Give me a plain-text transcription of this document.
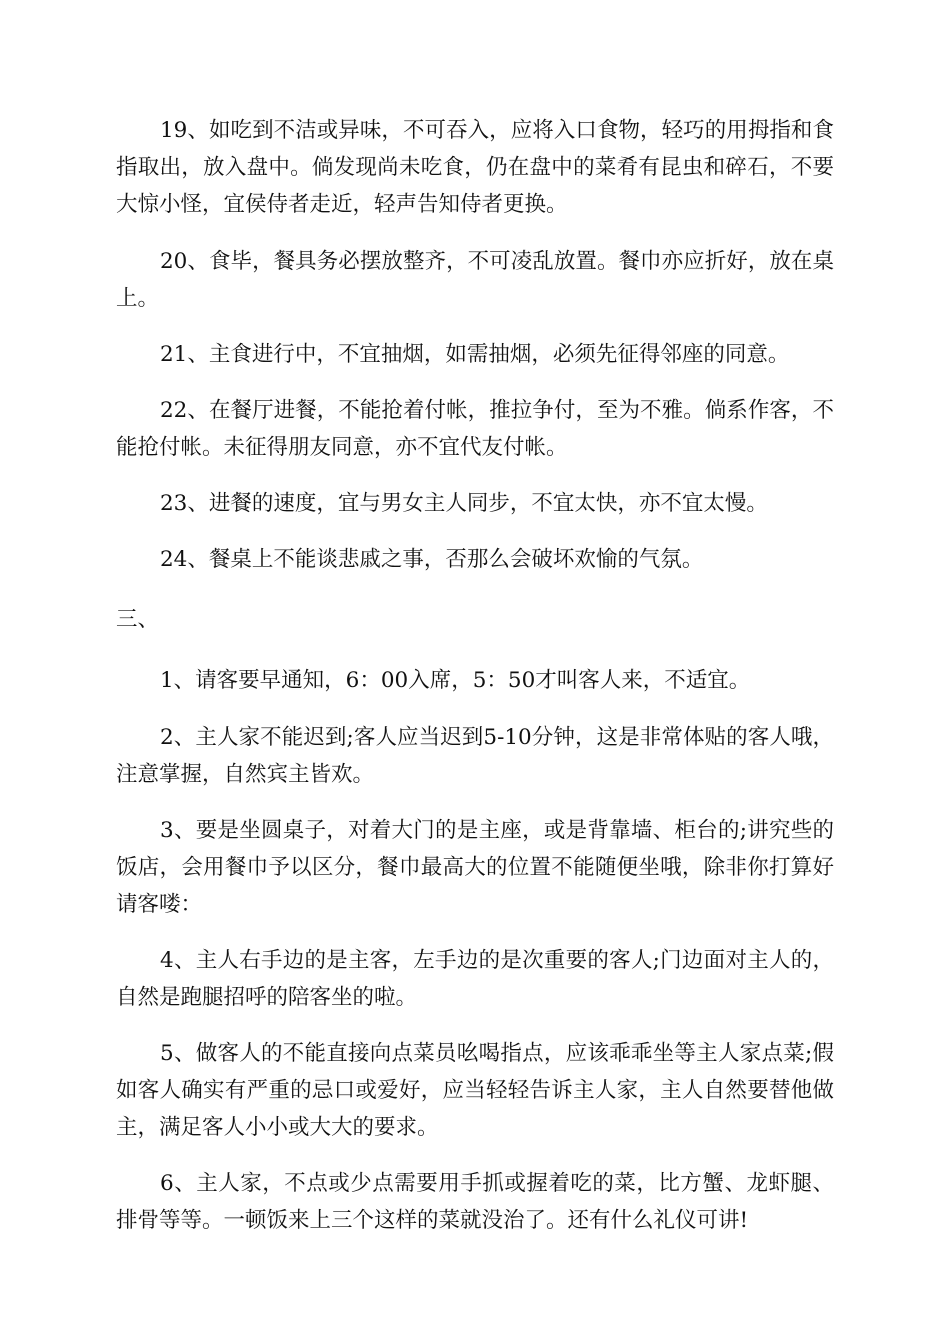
19、如吃到不洁或异味，不可吞入，应将入口食物，轻巧的用拇指和食指取出，放入盘中。倘发现尚未吃食，仍在盘中的菜肴有昆虫和碎石，不要大惊小怪，宜侯侍者走近，轻声告知侍者更换。

20、食毕，餐具务必摆放整齐，不可凌乱放置。餐巾亦应折好，放在桌上。

21、主食进行中，不宜抽烟，如需抽烟，必须先征得邻座的同意。

22、在餐厅进餐，不能抢着付帐，推拉争付，至为不雅。倘系作客，不能抢付帐。未征得朋友同意，亦不宜代友付帐。

23、进餐的速度，宜与男女主人同步，不宜太快，亦不宜太慢。

24、餐桌上不能谈悲戚之事，否那么会破坏欢愉的气氛。

三、

1、请客要早通知，6：00入席，5：50才叫客人来，不适宜。

2、主人家不能迟到;客人应当迟到5-10分钟，这是非常体贴的客人哦，注意掌握，自然宾主皆欢。

3、要是坐圆桌子，对着大门的是主座，或是背靠墙、柜台的;讲究些的饭店，会用餐巾予以区分，餐巾最高大的位置不能随便坐哦，除非你打算好请客喽：

4、主人右手边的是主客，左手边的是次重要的客人;门边面对主人的，自然是跑腿招呼的陪客坐的啦。

5、做客人的不能直接向点菜员吆喝指点，应该乖乖坐等主人家点菜;假如客人确实有严重的忌口或爱好，应当轻轻告诉主人家，主人自然要替他做主，满足客人小小或大大的要求。

6、主人家，不点或少点需要用手抓或握着吃的菜，比方蟹、龙虾腿、排骨等等。一顿饭来上三个这样的菜就没治了。还有什么礼仪可讲!
